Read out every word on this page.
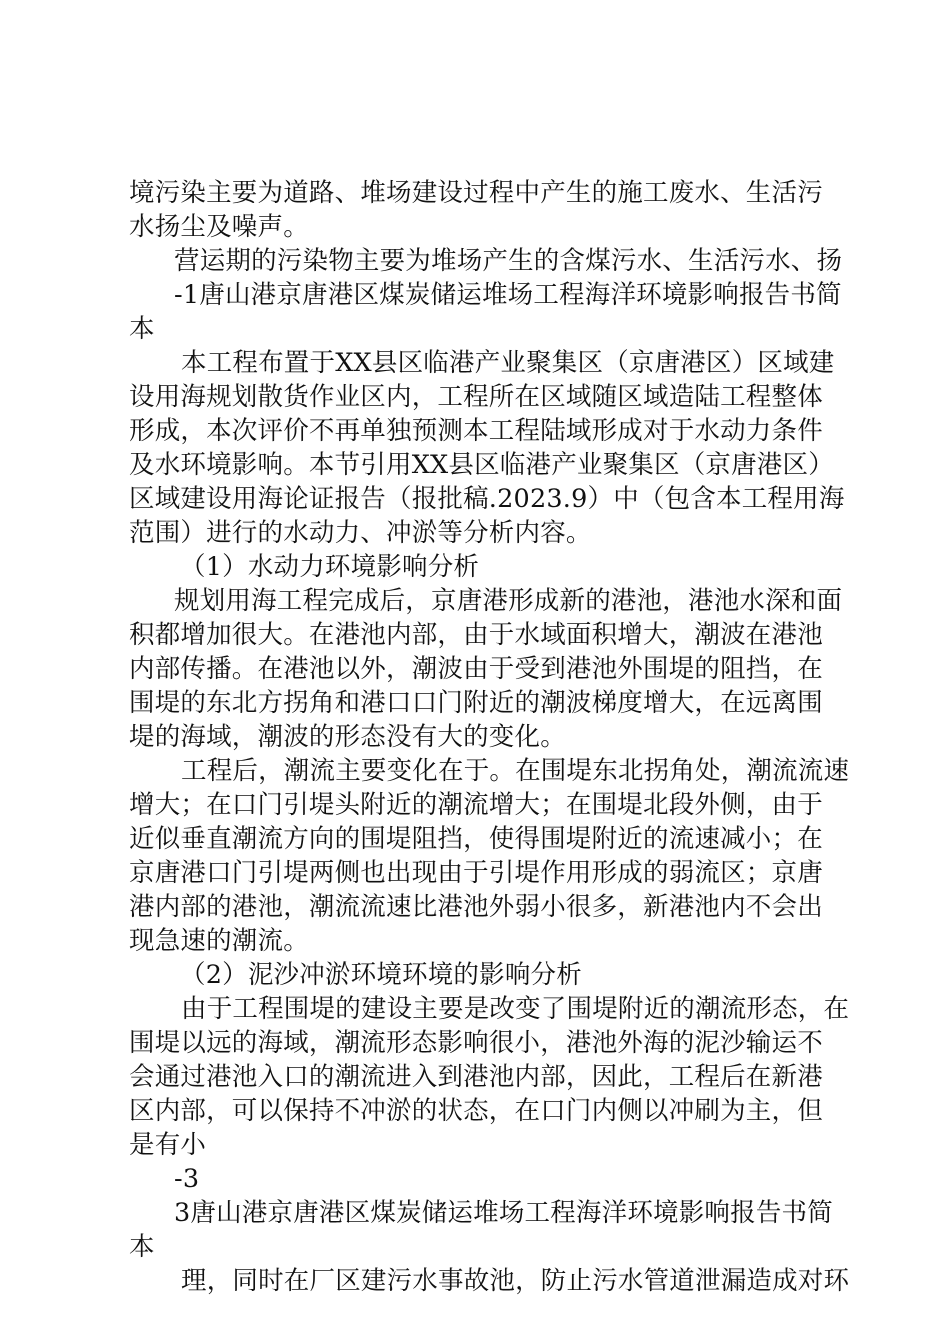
境污染主要为道路、堆场建设过程中产生的施工废水、生活污
水扬尘及噪声。
营运期的污染物主要为堆场产生的含煤污水、生活污水、扬
-1唐山港京唐港区煤炭储运堆场工程海洋环境影响报告书简
本
本工程布置于XX县区临港产业聚集区（京唐港区）区域建
设用海规划散货作业区内，工程所在区域随区域造陆工程整体
形成，本次评价不再单独预测本工程陆域形成对于水动力条件
及水环境影响。本节引用XX县区临港产业聚集区（京唐港区）
区域建设用海论证报告（报批稿.2023.9）中（包含本工程用海
范围）进行的水动力、冲淤等分析内容。
（1）水动力环境影响分析
规划用海工程完成后，京唐港形成新的港池，港池水深和面
积都增加很大。在港池内部，由于水域面积增大，潮波在港池
内部传播。在港池以外，潮波由于受到港池外围堤的阻挡，在
围堤的东北方拐角和港口口门附近的潮波梯度增大，在远离围
堤的海域，潮波的形态没有大的变化。
工程后，潮流主要变化在于。在围堤东北拐角处，潮流流速
增大；在口门引堤头附近的潮流增大；在围堤北段外侧，由于
近似垂直潮流方向的围堤阻挡，使得围堤附近的流速减小；在
京唐港口门引堤两侧也出现由于引堤作用形成的弱流区；京唐
港内部的港池，潮流流速比港池外弱小很多，新港池内不会出
现急速的潮流。
（2）泥沙冲淤环境环境的影响分析
由于工程围堤的建设主要是改变了围堤附近的潮流形态，在
围堤以远的海域，潮流形态影响很小，港池外海的泥沙输运不
会通过港池入口的潮流进入到港池内部，因此，工程后在新港
区内部，可以保持不冲淤的状态，在口门内侧以冲刷为主，但
是有小
-3
3唐山港京唐港区煤炭储运堆场工程海洋环境影响报告书简
本
理，同时在厂区建污水事故池，防止污水管道泄漏造成对环
